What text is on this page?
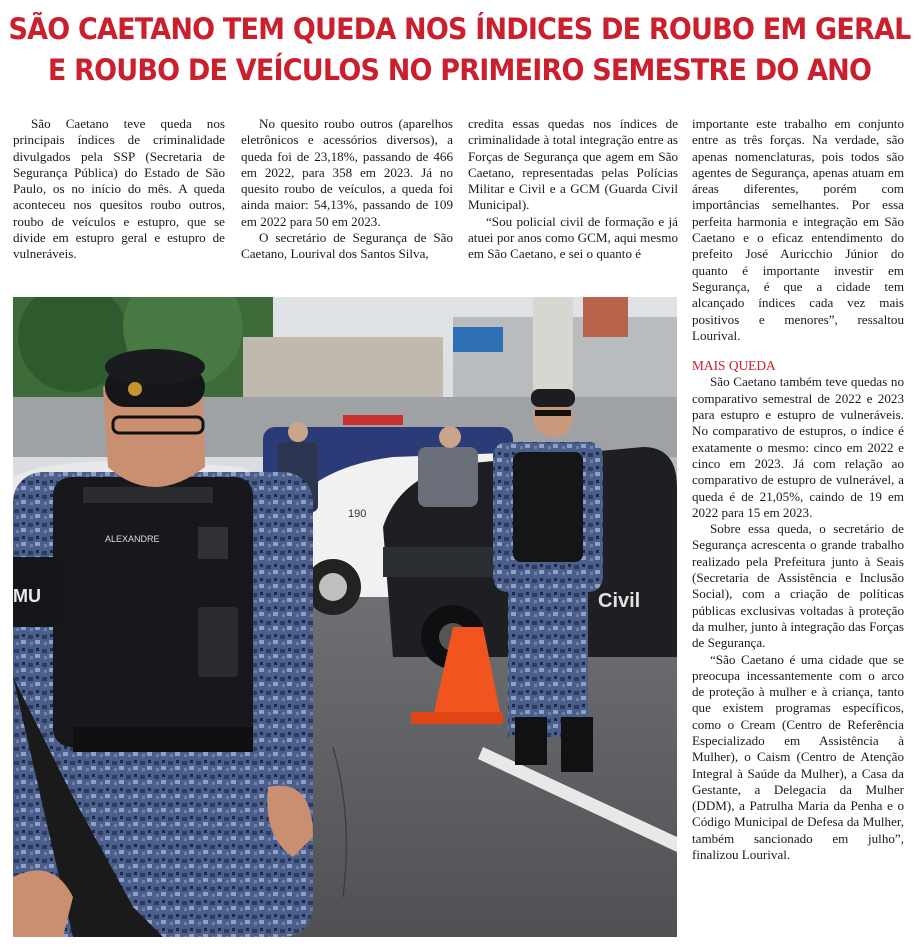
SÃO CAETANO TEM QUEDA NOS ÍNDICES DE ROUBO EM GERAL
E ROUBO DE VEÍCULOS NO PRIMEIRO SEMESTRE DO ANO

São Caetano teve queda nos principais índices de criminalidade divulgados pela SSP (Secretaria de Segurança Pública) do Estado de São Paulo, os no início do mês. A queda aconteceu nos quesitos roubo outros, roubo de veículos e estupro, que se divide em estupro geral e estupro de vulneráveis.

No quesito roubo outros (aparelhos eletrônicos e acessórios diversos), a queda foi de 23,18%, passando de 466 em 2022, para 358 em 2023. Já no quesito roubo de veículos, a queda foi ainda maior: 54,13%, passando de 109 em 2022 para 50 em 2023.

O secretário de Segurança de São Caetano, Lourival dos Santos Silva,

credita essas quedas nos índices de criminalidade à total integração entre as Forças de Segurança que agem em São Caetano, representadas pelas Polícias Militar e Civil e a GCM (Guarda Civil Municipal).

“Sou policial civil de formação e já atuei por anos como GCM, aqui mesmo em São Caetano, e sei o quanto é

importante este trabalho em conjunto entre as três forças. Na verdade, são apenas nomenclaturas, pois todos são agentes de Segurança, apenas atuam em áreas diferentes, porém com importâncias semelhantes. Por essa perfeita harmonia e integração em São Caetano e o eficaz entendimento do prefeito José Auricchio Júnior do quanto é importante investir em Segurança, é que a cidade tem alcançado índices cada vez mais positivos e menores”, ressaltou Lourival.

MAIS QUEDA

São Caetano também teve quedas no comparativo semestral de 2022 e 2023 para estupro e estupro de vulneráveis. No comparativo de estupros, o índice é exatamente o mesmo: cinco em 2022 e cinco em 2023. Já com relação ao comparativo de estupro de vulnerável, a queda é de 21,05%, caindo de 19 em 2022 para 15 em 2023.

Sobre essa queda, o secretário de Segurança acrescenta o grande trabalho realizado pela Prefeitura junto à Seais (Secretaria de Assistência e Inclusão Social), com a criação de políticas públicas exclusivas voltadas à proteção da mulher, junto à integração das Forças de Segurança.

“São Caetano é uma cidade que se preocupa incessantemente com o arco de proteção à mulher e à criança, tanto que existem programas específicos, como o Cream (Centro de Referência Especializado em Assistência à Mulher), o Caism (Centro de Atenção Integral à Saúde da Mulher), a Casa da Gestante, a Delegacia da Mulher (DDM), a Patrulha Maria da Penha e o Código Municipal de Defesa da Mulher, também sancionado em julho”, finalizou Lourival.

190
Civil
ALEXANDRE
MU
